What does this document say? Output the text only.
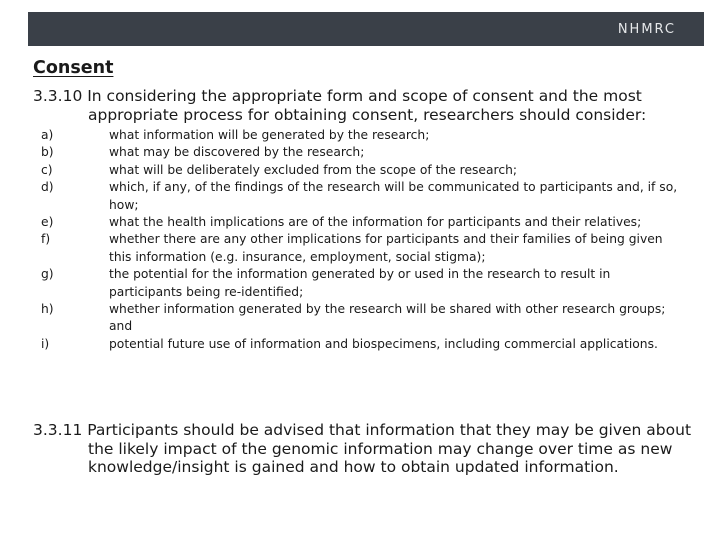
NHMRC
Consent

3.3.10 In considering the appropriate form and scope of consent and the most appropriate process for obtaining consent, researchers should consider:

a)	what information will be generated by the research;
b)	what may be discovered by the research;
c)	what will be deliberately excluded from the scope of the research;
d)	which, if any, of the findings of the research will be communicated to participants and, if so, how;
e)	what the health implications are of the information for participants and their relatives;
f)	whether there are any other implications for participants and their families of being given this information (e.g. insurance, employment, social stigma);
g)	the potential for the information generated by or used in the research to result in participants being re-identified;
h)	whether information generated by the research will be shared with other research groups; and
i)	potential future use of information and biospecimens, including commercial applications.

3.3.11 Participants should be advised that information that they may be given about the likely impact of the genomic information may change over time as new knowledge/insight is gained and how to obtain updated information.
